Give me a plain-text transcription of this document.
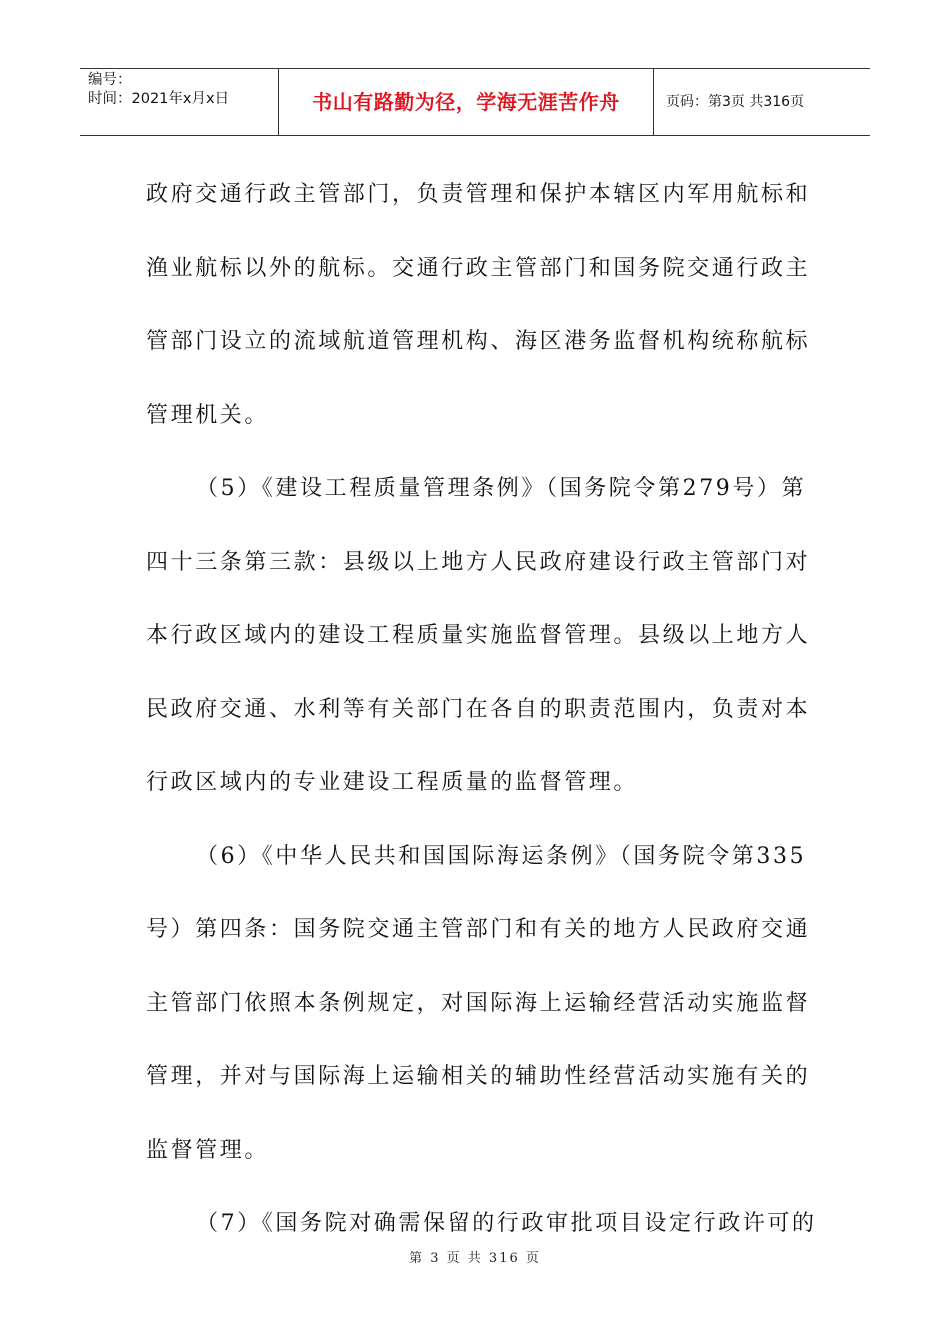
编号：
时间：2021年x月x日	书山有路勤为径，学海无涯苦作舟	页码：第3页 共316页

政府交通行政主管部门，负责管理和保护本辖区内军用航标和
渔业航标以外的航标。交通行政主管部门和国务院交通行政主
管部门设立的流域航道管理机构、海区港务监督机构统称航标
管理机关。

（5）《建设工程质量管理条例》（国务院令第279号）第
四十三条第三款：县级以上地方人民政府建设行政主管部门对
本行政区域内的建设工程质量实施监督管理。县级以上地方人
民政府交通、水利等有关部门在各自的职责范围内，负责对本
行政区域内的专业建设工程质量的监督管理。

（6）《中华人民共和国国际海运条例》（国务院令第335
号）第四条：国务院交通主管部门和有关的地方人民政府交通
主管部门依照本条例规定，对国际海上运输经营活动实施监督
管理，并对与国际海上运输相关的辅助性经营活动实施有关的
监督管理。

（7）《国务院对确需保留的行政审批项目设定行政许可的

第 3 页 共 316 页
